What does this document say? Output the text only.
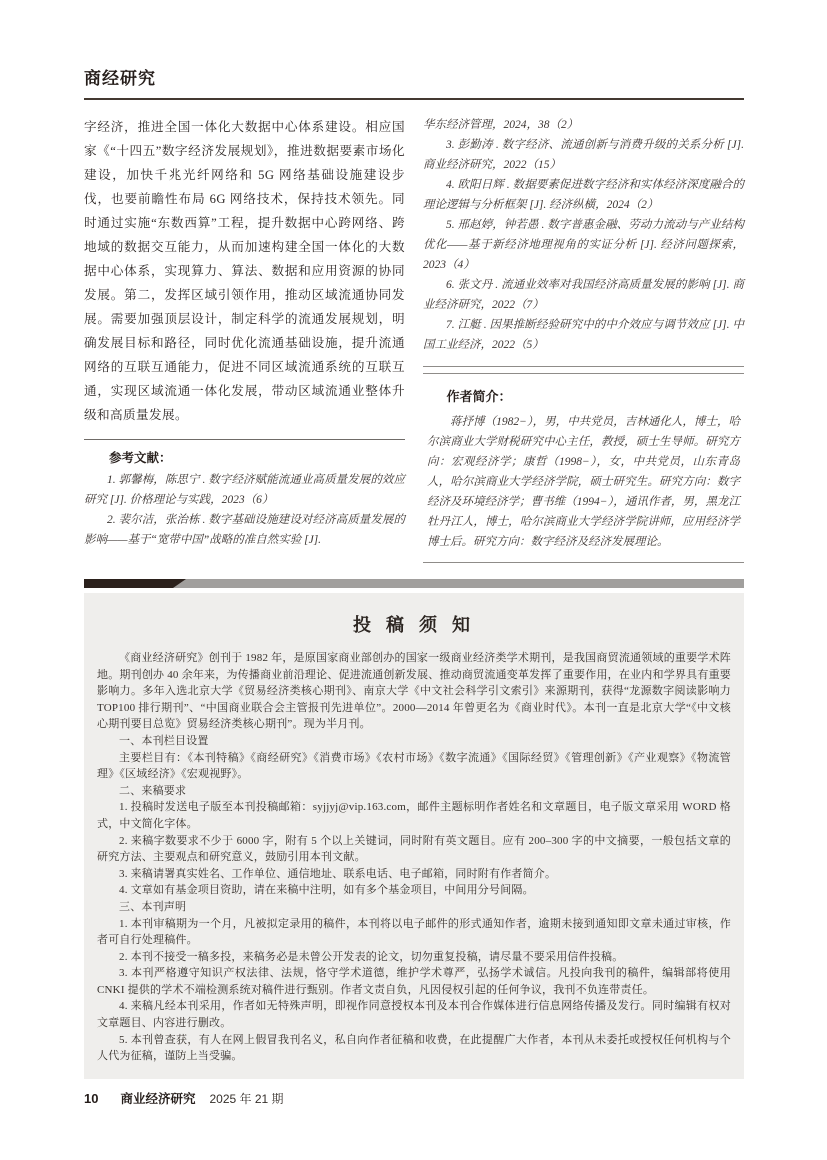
商经研究

字经济，推进全国一体化大数据中心体系建设。相应国家《“十四五”数字经济发展规划》，推进数据要素市场化建设，加快千兆光纤网络和 5G 网络基础设施建设步伐，也要前瞻性布局 6G 网络技术，保持技术领先。同时通过实施“东数西算”工程，提升数据中心跨网络、跨地域的数据交互能力，从而加速构建全国一体化的大数据中心体系，实现算力、算法、数据和应用资源的协同发展。第二，发挥区域引领作用，推动区域流通协同发展。需要加强顶层设计，制定科学的流通发展规划，明确发展目标和路径，同时优化流通基础设施，提升流通网络的互联互通能力，促进不同区域流通系统的互联互通，实现区域流通一体化发展，带动区域流通业整体升级和高质量发展。

参考文献：

1. 郭馨梅，陈思宁 . 数字经济赋能流通业高质量发展的效应研究 [J]. 价格理论与实践，2023（6）

2. 裴尔洁，张治栋 . 数字基础设施建设对经济高质量发展的影响——基于“宽带中国”战略的准自然实验 [J].

华东经济管理，2024，38（2）

3. 彭勤涛 . 数字经济、流通创新与消费升级的关系分析 [J]. 商业经济研究，2022（15）

4. 欧阳日辉 . 数据要素促进数字经济和实体经济深度融合的理论逻辑与分析框架 [J]. 经济纵横，2024（2）

5. 邢赵婷，钟若愚 . 数字普惠金融、劳动力流动与产业结构优化——基于新经济地理视角的实证分析 [J]. 经济问题探索，2023（4）

6. 张文丹 . 流通业效率对我国经济高质量发展的影响 [J]. 商业经济研究，2022（7）

7. 江艇 . 因果推断经验研究中的中介效应与调节效应 [J]. 中国工业经济，2022（5）

作者简介：

蒋抒博（1982−），男，中共党员，吉林通化人，博士，哈尔滨商业大学财税研究中心主任，教授，硕士生导师。研究方向：宏观经济学；康哲（1998−），女，中共党员，山东青岛人，哈尔滨商业大学经济学院，硕士研究生。研究方向：数字经济及环境经济学；曹书维（1994−），通讯作者，男，黑龙江牡丹江人，博士，哈尔滨商业大学经济学院讲师，应用经济学博士后。研究方向：数字经济及经济发展理论。

投 稿 须 知

《商业经济研究》创刊于 1982 年，是原国家商业部创办的国家一级商业经济类学术期刊，是我国商贸流通领域的重要学术阵地。期刊创办 40 余年来，为传播商业前沿理论、促进流通创新发展、推动商贸流通变革发挥了重要作用，在业内和学界具有重要影响力。多年入选北京大学《贸易经济类核心期刊》、南京大学《中文社会科学引文索引》来源期刊，获得“龙源数字阅读影响力 TOP100 排行期刊”、“中国商业联合会主管报刊先进单位”。2000—2014 年曾更名为《商业时代》。本刊一直是北京大学“《中文核心期刊要目总览》贸易经济类核心期刊”。现为半月刊。

一、本刊栏目设置

主要栏目有：《本刊特稿》《商经研究》《消费市场》《农村市场》《数字流通》《国际经贸》《管理创新》《产业观察》《物流管理》《区域经济》《宏观视野》。

二、来稿要求

1. 投稿时发送电子版至本刊投稿邮箱：syjjyj@vip.163.com，邮件主题标明作者姓名和文章题目，电子版文章采用 WORD 格式，中文简化字体。

2. 来稿字数要求不少于 6000 字，附有 5 个以上关键词，同时附有英文题目。应有 200–300 字的中文摘要，一般包括文章的研究方法、主要观点和研究意义，鼓励引用本刊文献。

3. 来稿请署真实姓名、工作单位、通信地址、联系电话、电子邮箱，同时附有作者简介。

4. 文章如有基金项目资助，请在来稿中注明，如有多个基金项目，中间用分号间隔。

三、本刊声明

1. 本刊审稿期为一个月，凡被拟定录用的稿件，本刊将以电子邮件的形式通知作者，逾期未接到通知即文章未通过审核，作者可自行处理稿件。

2. 本刊不接受一稿多投，来稿务必是未曾公开发表的论文，切勿重复投稿，请尽量不要采用信件投稿。

3. 本刊严格遵守知识产权法律、法规，恪守学术道德，维护学术尊严，弘扬学术诚信。凡投向我刊的稿件，编辑部将使用 CNKI 提供的学术不端检测系统对稿件进行甄别。作者文责自负，凡因侵权引起的任何争议，我刊不负连带责任。

4. 来稿凡经本刊采用，作者如无特殊声明，即视作同意授权本刊及本刊合作媒体进行信息网络传播及发行。同时编辑有权对文章题目、内容进行删改。

5. 本刊曾查获，有人在网上假冒我刊名义，私自向作者征稿和收费，在此提醒广大作者，本刊从未委托或授权任何机构与个人代为征稿，谨防上当受骗。

10 商业经济研究 2025 年 21 期
